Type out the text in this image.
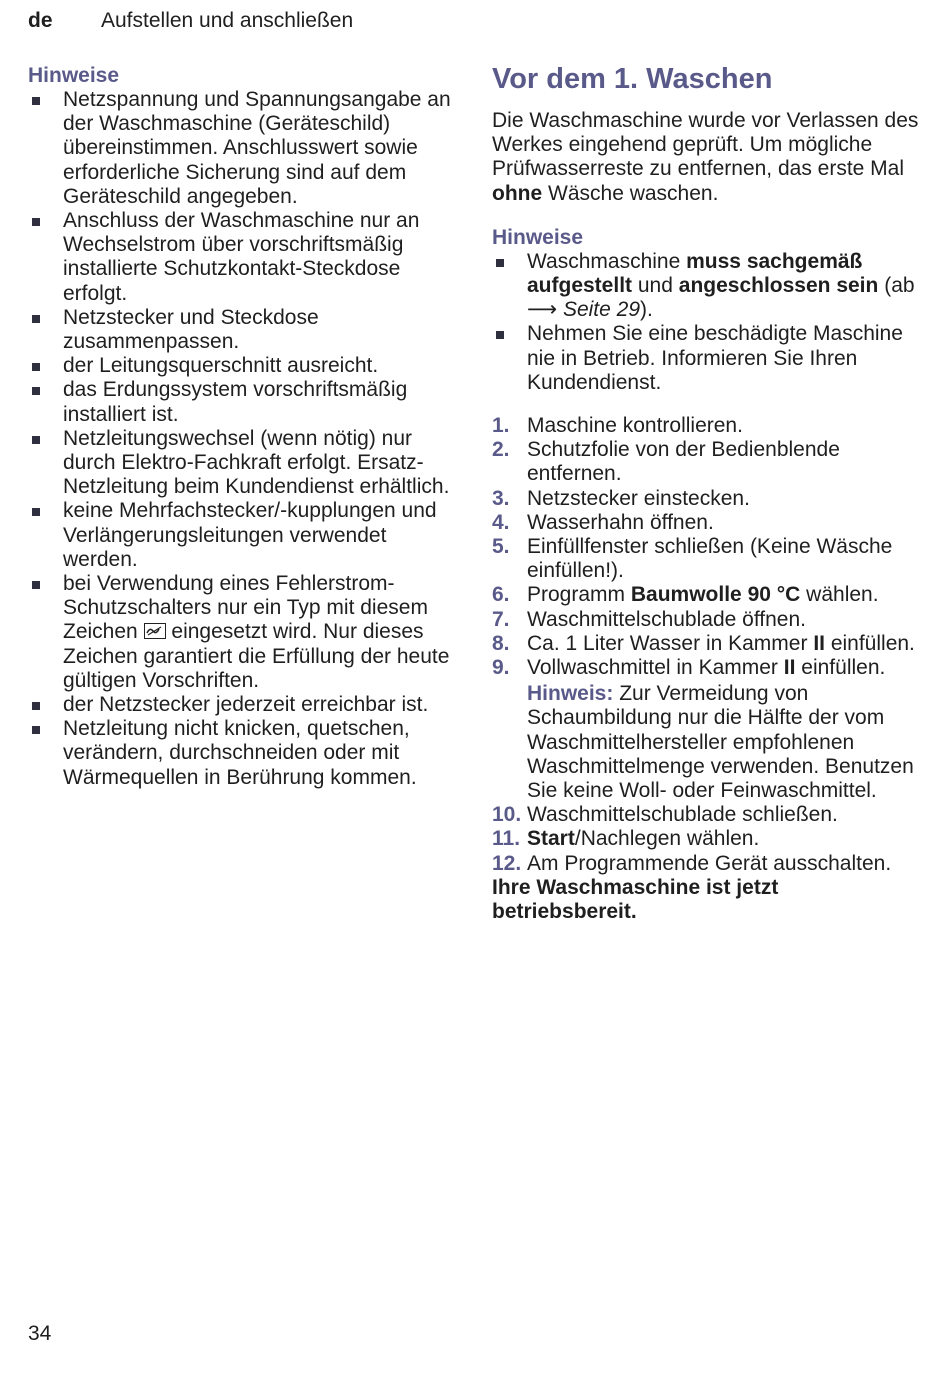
de Aufstellen und anschließen

Hinweise

Netzspannung und Spannungsangabe an der Waschmaschine (Geräteschild) übereinstimmen. Anschlusswert sowie erforderliche Sicherung sind auf dem Geräteschild angegeben.
Anschluss der Waschmaschine nur an Wechselstrom über vorschriftsmäßig installierte Schutzkontakt-Steckdose erfolgt.
Netzstecker und Steckdose zusammenpassen.
der Leitungsquerschnitt ausreicht.
das Erdungssystem vorschriftsmäßig installiert ist.
Netzleitungswechsel (wenn nötig) nur durch Elektro-Fachkraft erfolgt. Ersatz-Netzleitung beim Kundendienst erhältlich.
keine Mehrfachstecker/-kupplungen und Verlängerungsleitungen verwendet werden.
bei Verwendung eines Fehlerstrom-Schutzschalters nur ein Typ mit diesem Zeichen eingesetzt wird. Nur dieses Zeichen garantiert die Erfüllung der heute gültigen Vorschriften.
der Netzstecker jederzeit erreichbar ist.
Netzleitung nicht knicken, quetschen, verändern, durchschneiden oder mit Wärmequellen in Berührung kommen.
Vor dem 1. Waschen

Die Waschmaschine wurde vor Verlassen des Werkes eingehend geprüft. Um mögliche Prüfwasserreste zu entfernen, das erste Mal ohne Wäsche waschen.

Hinweise

Waschmaschine muss sachgemäß aufgestellt und angeschlossen sein (ab ⟶ Seite 29).
Nehmen Sie eine beschädigte Maschine nie in Betrieb. Informieren Sie Ihren Kundendienst.
1. Maschine kontrollieren.
2. Schutzfolie von der Bedienblende entfernen.
3. Netzstecker einstecken.
4. Wasserhahn öffnen.
5. Einfüllfenster schließen (Keine Wäsche einfüllen!).
6. Programm Baumwolle 90 °C wählen.
7. Waschmittelschublade öffnen.
8. Ca. 1 Liter Wasser in Kammer II einfüllen.
9. Vollwaschmittel in Kammer II einfüllen.
Hinweis: Zur Vermeidung von Schaumbildung nur die Hälfte der vom Waschmittelhersteller empfohlenen Waschmittelmenge verwenden. Benutzen Sie keine Woll- oder Feinwaschmittel.
10. Waschmittelschublade schließen.
11. Start/Nachlegen wählen.
12. Am Programmende Gerät ausschalten.

Ihre Waschmaschine ist jetzt betriebsbereit.

34
